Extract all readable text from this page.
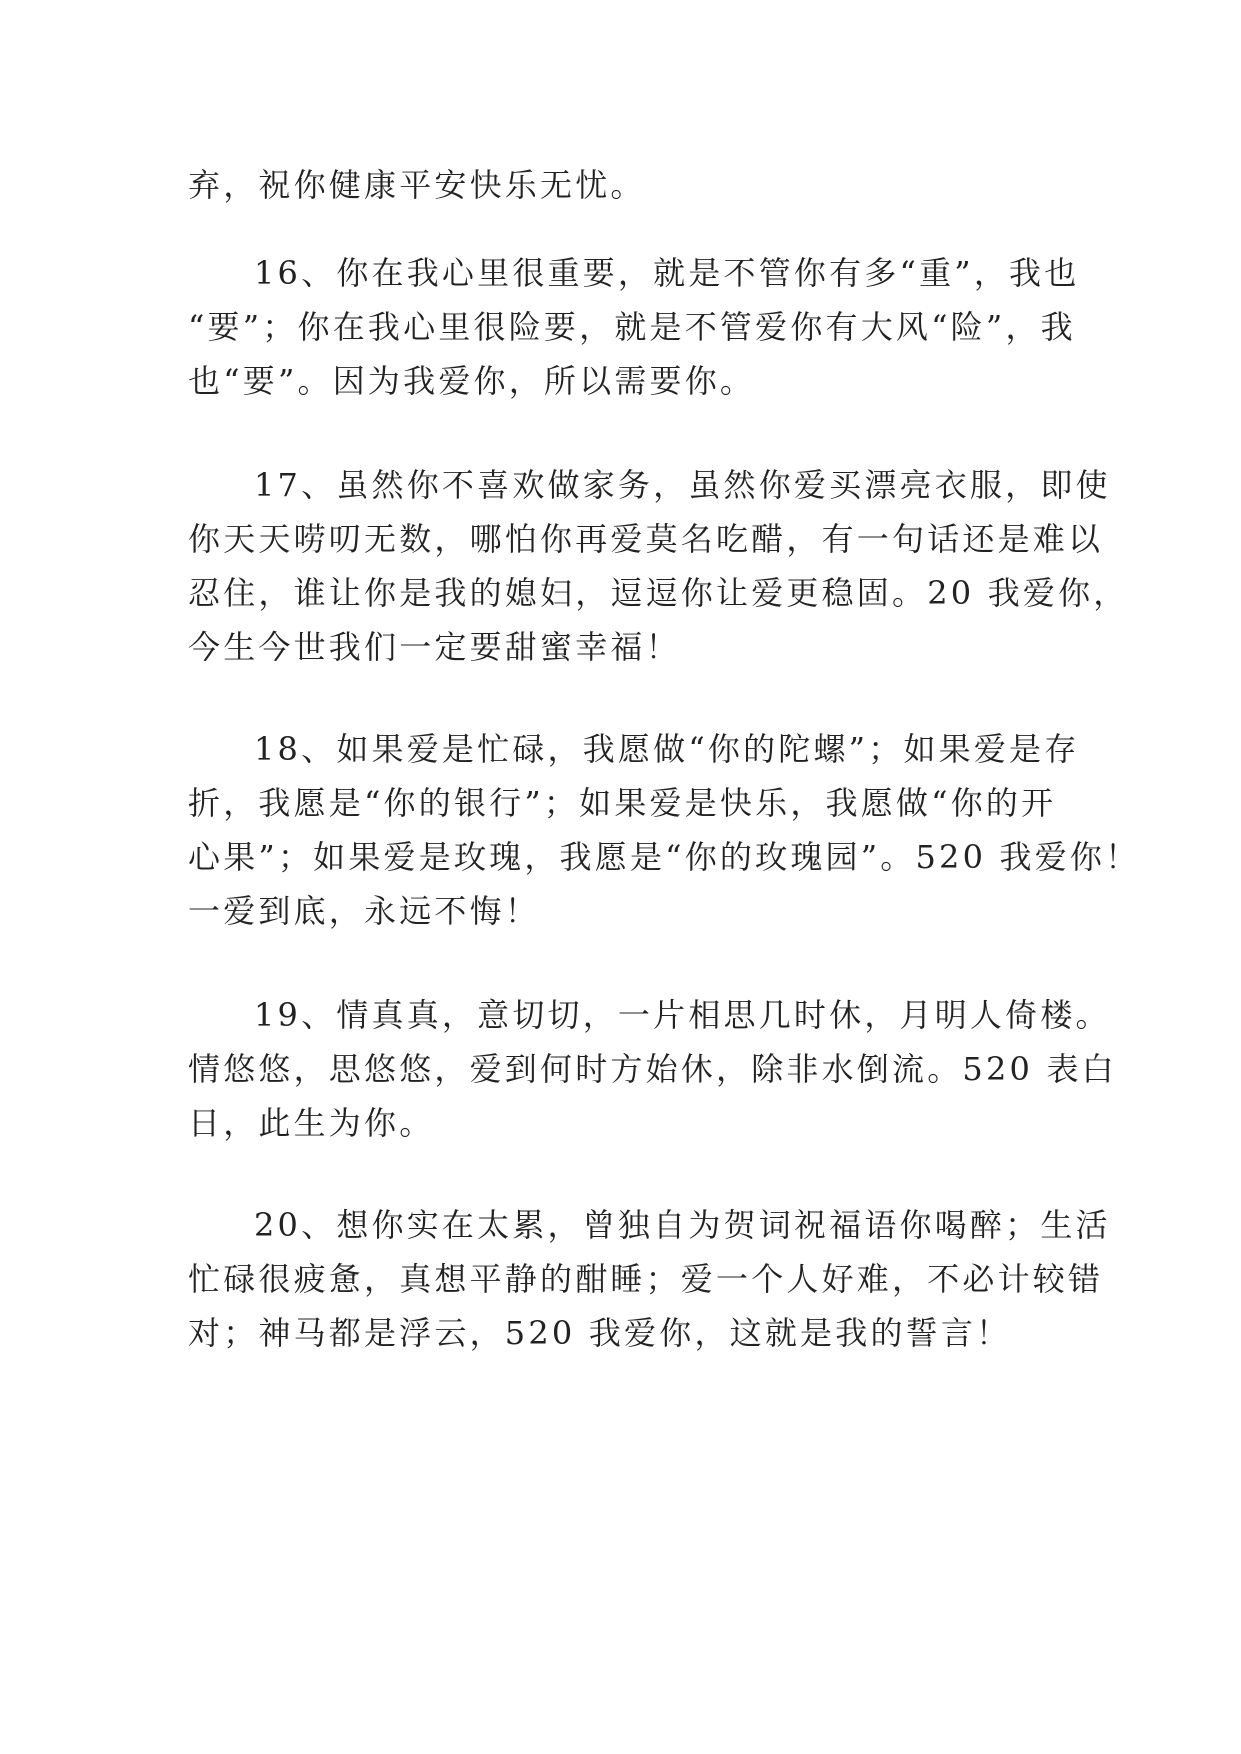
弃，祝你健康平安快乐无忧。
16、你在我心里很重要，就是不管你有多“重”，我也
“要”；你在我心里很险要，就是不管爱你有大风“险”，我
也“要”。因为我爱你，所以需要你。
17、虽然你不喜欢做家务，虽然你爱买漂亮衣服，即使
你天天唠叨无数，哪怕你再爱莫名吃醋，有一句话还是难以
忍住，谁让你是我的媳妇，逗逗你让爱更稳固。20 我爱你，
今生今世我们一定要甜蜜幸福！
18、如果爱是忙碌，我愿做“你的陀螺”；如果爱是存
折，我愿是“你的银行”；如果爱是快乐，我愿做“你的开
心果”；如果爱是玫瑰，我愿是“你的玫瑰园”。520 我爱你！
一爱到底，永远不悔！
19、情真真，意切切，一片相思几时休，月明人倚楼。
情悠悠，思悠悠，爱到何时方始休，除非水倒流。520 表白
日，此生为你。
20、想你实在太累，曾独自为贺词祝福语你喝醉；生活
忙碌很疲惫，真想平静的酣睡；爱一个人好难，不必计较错
对；神马都是浮云，520 我爱你，这就是我的誓言！
